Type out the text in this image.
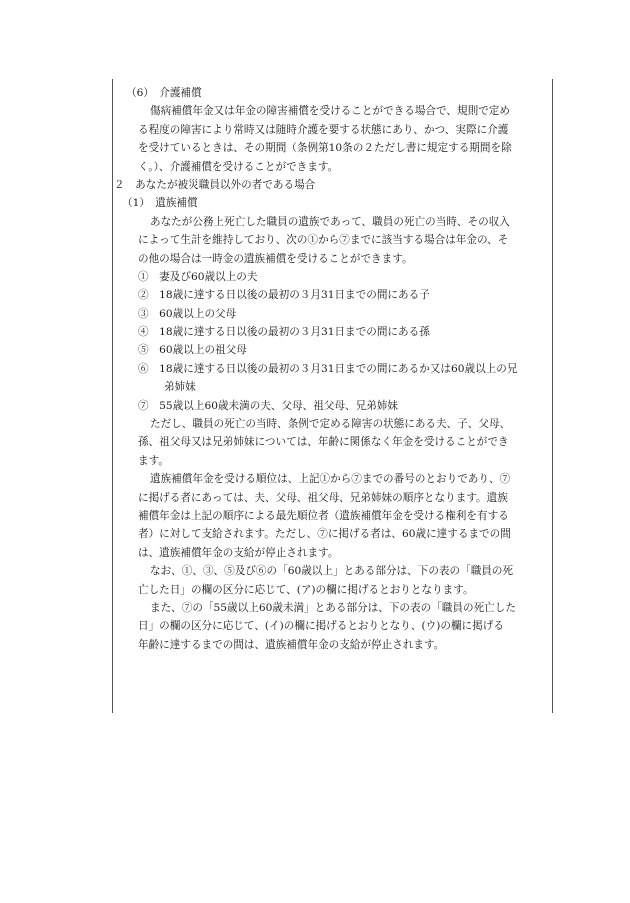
（6）　介護補償
傷病補償年金又は年金の障害補償を受けることができる場合で、規則で定め
る程度の障害により常時又は随時介護を要する状態にあり、かつ、実際に介護
を受けているときは、その期間（条例第10条の２ただし書に規定する期間を除
く。）、介護補償を受けることができます。
２　あなたが被災職員以外の者である場合
（1）　遺族補償
あなたが公務上死亡した職員の遺族であって、職員の死亡の当時、その収入
によって生計を維持しており、次の①から⑦までに該当する場合は年金の、そ
の他の場合は一時金の遺族補償を受けることができます。
①　妻及び60歳以上の夫
②　18歳に達する日以後の最初の３月31日までの間にある子
③　60歳以上の父母
④　18歳に達する日以後の最初の３月31日までの間にある孫
⑤　60歳以上の祖父母
⑥　18歳に達する日以後の最初の３月31日までの間にあるか又は60歳以上の兄
弟姉妹
⑦　55歳以上60歳未満の夫、父母、祖父母、兄弟姉妹
ただし、職員の死亡の当時、条例で定める障害の状態にある夫、子、父母、
孫、祖父母又は兄弟姉妹については、年齢に関係なく年金を受けることができ
ます。
遺族補償年金を受ける順位は、上記①から⑦までの番号のとおりであり、⑦
に掲げる者にあっては、夫、父母、祖父母、兄弟姉妹の順序となります。遺族
補償年金は上記の順序による最先順位者（遺族補償年金を受ける権利を有する
者）に対して支給されます。ただし、⑦に掲げる者は、60歳に達するまでの間
は、遺族補償年金の支給が停止されます。
なお、①、③、⑤及び⑥の「60歳以上」とある部分は、下の表の「職員の死
亡した日」の欄の区分に応じて、(ア)の欄に掲げるとおりとなります。
また、⑦の「55歳以上60歳未満」とある部分は、下の表の「職員の死亡した
日」の欄の区分に応じて、(イ)の欄に掲げるとおりとなり、(ウ)の欄に掲げる
年齢に達するまでの間は、遺族補償年金の支給が停止されます。
